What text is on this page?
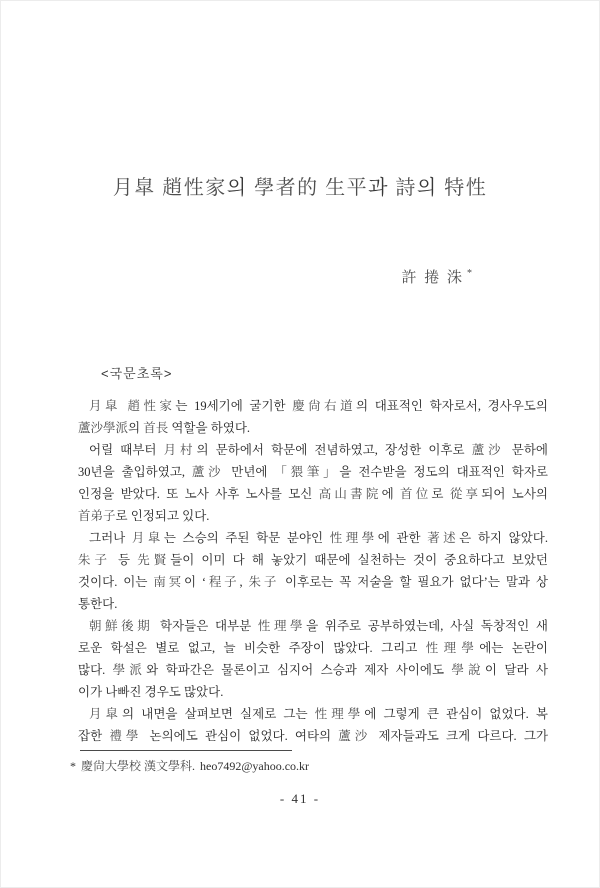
月皐 趙性家의 學者的 生平과 詩의 特性
許 捲 洙 *
<국문초록>
月皐 趙性家는 19세기에 굴기한 慶尙右道의 대표적인 학자로서, 경사우도의
蘆沙學派의 首長 역할을 하였다.
어릴 때부터 月村의 문하에서 학문에 전념하였고, 장성한 이후로 蘆沙 문하에
30년을 출입하였고, 蘆沙 만년에 「猥筆」을 전수받을 정도의 대표적인 학자로
인정을 받았다. 또 노사 사후 노사를 모신 高山書院에 首位로 從享되어 노사의
首弟子로 인정되고 있다.
그러나 月皐는 스승의 주된 학문 분야인 性理學에 관한 著述은 하지 않았다.
朱子 등 先賢들이 이미 다 해 놓았기 때문에 실천하는 것이 중요하다고 보았던
것이다. 이는 南冥이 ‘程子, 朱子 이후로는 꼭 저술을 할 필요가 없다’는 말과 상
통한다.
朝鮮後期 학자들은 대부분 性理學을 위주로 공부하였는데, 사실 독창적인 새
로운 학설은 별로 없고, 늘 비슷한 주장이 많았다. 그리고 性理學에는 논란이
많다. 學派와 학파간은 물론이고 심지어 스승과 제자 사이에도 學說이 달라 사
이가 나빠진 경우도 많았다.
月皐의 내면을 살펴보면 실제로 그는 性理學에 그렇게 큰 관심이 없었다. 복
잡한 禮學 논의에도 관심이 없었다. 여타의 蘆沙 제자들과도 크게 다르다. 그가
* 慶尙大學校 漢文學科. heo7492@yahoo.co.kr
- 41 -
